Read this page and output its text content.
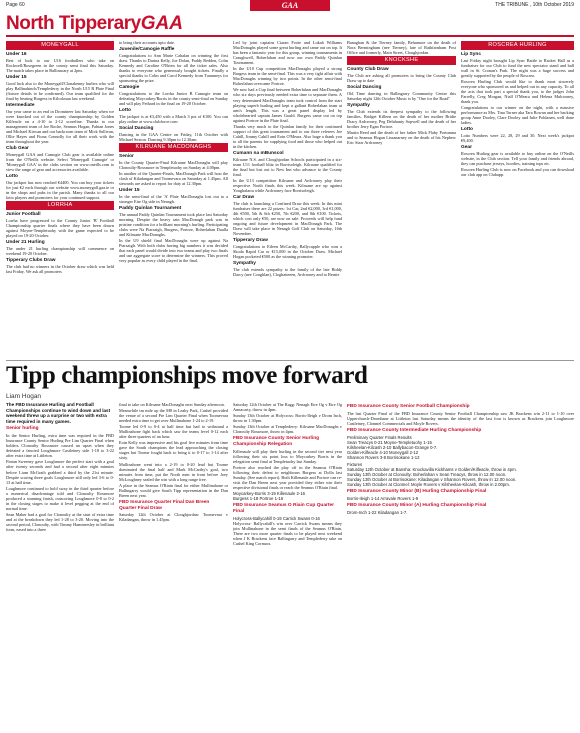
Page 60	GAA	THE TRIBUNE , 10th October 2019
North TipperaryGAA
MONEYGALL
Under 16
Best of luck to our U16 footballers who take on Rockwell/Rosegreen in the county semi final this Saturday. The match takes place in Ballinacary at 2pm.
Under 15
Good luck also to the Moneygall/Clonakenny hurlers who will play Ballinahinch/Templederry in the North U15 B Plate Final (fixture details to be confirmed). Our team qualified for the final by beating Burgess in Kilcolman last weekend.
Intermediate
Our year came to an end in Dromineer last Saturday when we were knocked out of the county championship by Golden Kilfeacle on a 4-10 to 2-12 scoreline. Thanks to our management team of Joe Roche, Seamus Hogan, Fabian Jones and Michael Kirwan and our backroom team of Mick Sullivan, Ollie Hayes and Fiona Connolly for all their work with the team throughout the year.
Club Gear
Moneygall GAA and Camogie Club gear is available online from the O'Neills website. Select 'Moneygall Camogie' or 'Moneygall GAA' in the clubs section on www.oneills.com to view the range of gear and accessories available.
Lotto
Our jackpot has now reached €4400. You can buy your tickets for just €2 each through our website www.moneygall.gaa.ie or in the shops and pubs in the parish. Many thanks to all our lotto players and promoters for your continued support.
LORRHA
Junior Football
Lorrha have progressed to the County Junior 'B' Football Championship quarter finals where they have been drawn against Moyne-Templetuohy with the game expected to be played on 19-20 October.
Under 21 Hurling
The under 21 hurling championship will commence on weekend 19-20 October.
Tipperary Clubs Draw
The club had no winners in the October draw which was held last Friday. We ask all promoters
to bring their accounts upto date.
Juvenile/Camogie Raffle
Congratulations to Ann Marie Cahalan on winning the first draw. Thanks to Darina Kelly, Joe Dolan, Paddy Redden, Colm Kennedy and Caroline O'Brien for all the ticket sales. Also thanks to everyone who generously bought tickets. Finally a special thanks to Colm and Carol Kennedy from Tuamneys for sponsoring the prize.
Camogie
Congratulations to the Lorrha Junior B Camogie team on defeating Moycarkey/Borris in the county semi-final on Sunday and will play Fethard in the final on 19-20 October.
Lotto
The jackpot is at €3,450 with a Match 3 pot of €100. You can play online at www.clubforce.com
Social Dancing
Dancing in the GAA Centre on Friday, 11th October with Michael Sexton. Dancing 9.30pm to 12.30am.
KILRUANE MACDONAGHS
Senior
In the County Quarter-Final Kilruane MacDonaghs will play Clonoulty-Rossmore in Templetuohy on Sunday at 4.00pm.
In another of the Quarter-Finals, MacDonagh Park will host the clash of Kiladangan and Toomevara on Saturday at 1.45pm. All stewards are asked to report for duty at 12.30pm.
Under 15
In the semi-final of the 'A' Plate MacDonaghs lost out to a stronger Eire Og side in Nenagh.
Paddy Quinlan Tournament
The annual Paddy Quinlan Tournament took place last Saturday morning. Despite the heavy rain MacDonagh park was in pristine condition for a brilliant morning's hurling. Participating clubs were Na Piarsaigh, Burgess, Portroe, Boherlahan Dualla and Kilruane MacDonaghs.
In the U9 shield final MacDonaghs were up against Na Piarsaigh. With both clubs having big numbers it was decided that each panel would divide into two teams and play two finals and use aggregate score to determine the winners. This proved very popular as every child played in the final.
Led by joint captains Ciaran Foote and Lukah Williams MacDonaghs played some great hurling and came out on top. It has been a fantastic year for this group, winning tournaments in Craughwell, Boherlahan and now our own Paddy Quinlan Tournament.
In the U10 Cup competition MacDonaghs played a strong Burgess team in the semi-final. This was a very tight affair with MacDonaghs winning by two points. In the other semi-final Boherlahan overcame Portroe.
We now had a Cup final between Boherlahan and MacDonaghs who six days previously needed extra time to separate them. A very determined MacDonaghs team took control from the start playing superb hurling and kept a gallant Boherlahan team at arm's length. This was a great panel display led by wholehearted captain James Gould. Burgess came out on top against Portroe in the Plate final.
Thanks very much to the Quinlan family for their continued support of this great tournament and to our three referees Joe Cahill, Jimmy Cahill and Eoin O'Meara. Also huge a thank you to all the parents for supplying food and those who helped out in the kitchen.
Cumann na mBunscol
Kilruane N.S. and Cloughjordan Schools participated in a six-team U11 football blitz in Borrisoleigh. Kilruane qualified for the final but lost out to New Inn who advance to the County final.
In the U13 competition Kilruane and Ardcroney play their respective North finals this week. Kilruane are up against Youghalarra while Ardcroney face Borrisoleigh.
Car Draw
The club is launching a Confined Draw this week. In this mini fundraiser there are 22 prizes: 1st Car, 2nd €2,000, 3rd €1,000, 4th €500, 5th & 6th €250, 7th €200, and 8th €100. Tickets, which cost only €50, are now on sale. Proceeds will help fund ongoing and future development in MacDonagh Park. The Draw will take place in Nenagh Golf Club on Saturday, 16th November.
Tipperary Draw
Congratulations to Eileen McCarthy, Ballycapple who won a Skoda Rapid Car or €15,000 in the October Draw. Michael Hogan pocketed €500 as the winning promoter.
Sympathy
The club extends sympathy to the family of the late Biddy Darcy (nee Coughlan), Cloghatteeen, Ardcroney and to Bernie
Banaghan & the Tierney family, Behamore on the death of Nora Bermingham (nee Tierney), late of Rathfarnham Post Office and formerly, Main Street, Cloughjordan.
KNOCKSHE
County Club Draw
The Club are asking all promoters to bring the County Club Draw up to date
Social Dancing
Old Time dancing in Ballingarry Community Centre this Saturday night 12th October Music is by "One for the Road"
Sympathy
The Club extends its deepest sympathy to the following families. Bridget Killeen on the death of her mother Bridie Dracy Ardcroney, Peg Delahunty Sopwell and the death of her brother Jerry Egan Portroe.
Martin Reed and the death of her father Mick Flaby Portumna and to Seamus Hogan Lissanarney on the death of his Nephew Eric Starr Ardcroney
ROSCREA HURLING
Lip Sync
Last Friday night brought Lip Sync Battle to Racket Hall as a fundraiser for our Club to fund the new spectator stand and ball wall in St. Cronan's Park. The night was a huge success and greatly supported by the people of Roscrea.
Roscrea Hurling Club would like to thank most sincerely everyone who sponsored us and helped out in any capacity. To all the acts that took part a special thank you, to the judges John Farrelly, Creg Morgan, Niall O'Meara and Helena Mulrooney, thank you.
Congratulations to our winner on the night, with a massive performance as Mrs. Tina Turner aka Tara Rowan and her backing group Anne Dooley, Clare Dooley and Julie Pohlanen, well done ladies.
Lotto
Lotto Numbers were 22, 28, 29 and 30. Next week's jackpot €9,400.
Gear
Roscrea Hurling gear is available to buy online on the O'Neills website, in the Club section. Tell your family and friends abroad, they can purchase jerseys, hoodies, training tops etc.
Roscrea Hurling Club is now on Facebook and you can download our club app on Clubapp.
Tipp championships move forward
Liam Hogan
The FBD Insurance Hurling and Football Championships continue to wind down and last weekend threw up a surprise or two with extra time required in many games.
Senior hurling
In the Senior Hurling, extra time was required in the FBD Insurance County Senior Hurling Pre Lim Quarter Final when holders Clonoulty Rossmore caused an upset when they defeated a fancied Loughmore Castleiney side 1-18 to 3-22 after extra time at Littleton.
Fintan Sweeney gave Loughmore the perfect start with a goal after twenty seconds and had a second after eight minutes before Liam McGrath grabbed a third by the 21st minute. Despite scoring three goals Loughmore still only led 3-6 to 0-13 at half time.
Loughmore continued to hold sway in the third quarter before a numerical disadvantage told and Clonoulty Rossmore produced a stunning finish, outscoring Loughmore 0-8 to 0-2 in the closing stages to make it level pegging at the end of normal time.
Sean Maher had a goal for Clonoulty at the start of extra time and at the breakdown they led 1-28 to 3-20. Moving into the second period, Clonoulty, with Timmy Hammersley in brilliant form, eased into a three
final to take on Kilruane MacDonaghs next Sunday afternoon.
Meanwhile tm mile up the M8 in Leahy Park, Cashel provided the venue of a second Pre Lim Quarter Final when Toomevara needed extra time to get over Mullinahone 1-24 to 2-19.
Toome led 0-9 to 0-4 at half time but had to withstand a Mullinahone fight back which saw the teams level 0-12 each after three quarters of an hour.
Eoin Kelly was impressive and his goal five minutes from time gave the South champions the lead approaching the closing stages but Toome fought back to bring it to 0-17 to 1-14 after sixty.
Mullinahone went into a 2-19 to 0-20 lead but Toome dominated the final half and Mark McCarthy's goal, two minutes from time, put the North men in front before Joey McLoughney sealed the win with a long range free.
A place in the Seamus O'Riain final for either Mullinahone or Ballingarry would give South Tipp representation in the Dan Breen next year.
FBD Insurance Quarter Final Dan Breen Quarter Final Draw
Saturday 12th October at Cloughjordan: Toomevara v Kiladangan, throw in 1.45pm.
Saturday 12th October at The Ragg: Nenagh Eire Og v Eire Og Annacarty, throw in 4pm.
Sunday 13th October at Holycross: Borris-Ileigh v Drom Inch, throw in 1.30pm.
Sunday 13th October at Templederry: Kilruane MacDonaghs v Clonoulty Rossmore, throw in 4pm.
FBD Insurance County Senior Hurling Championship Relegation
Killenaule will play their hurling in the second tier next year following their six point loss to Moycarkey Borris in the relegation semi final at Templetuohy last Sunday.
Portroe also reached the play off in the Seamus O'Riain following their defeat to neighbours Burgess at Dolla last Sunday. (See match report). Both Killenaule and Portroe can re-visit the Dan Breen next year provided they either win their respective divisional finals or reach the Seamus O'Riain final.
Moycarkey-Borris 3-19 Killenaule 2-16
Burgess 1-18 Portroe 1-16
FBD Insurance Seamus O Riain Cup Quarter Final
Holycross-Ballycahill 0-19 Carrick Swans 0-16
Holycross- Ballycahill's win over Carrick Swans means they join Mullinahone in the semi finals of the Seamus O'Riain. There are two more quarter finals to be played next weekend when J K Brackens face Ballingarry and Templederry take on Cashel King Cormacs.
FBD Insurance County Senior Football Championship
The last Quarter Final of the FBD Insurance County Senior Football Championship saw JK Brackens win 2-11 to 1-10 over Upperchurch-Drombane at Littleton last Saturday means the identity of the last four is known as Brackens join Loughmore Castleiney, Clonmel Commercials and Moyle Rovers.
FBD Insurance County Intermediate Hurling Championship
Preliminary Quarter Finals Results
Sean Treacys 0-21 Moyne-Templetuohy 1-15
Kilsheelan-Kilcash 2-10 Ballybacon-Grange 0-7.
Golden-Kilfeacle 4-10 Moneygall 2-12
Shannon Rovers 3-8 Borrisokane 1-12
Fixtures
Saturday 12th October at Bansha: Knockavilla Kickhams v Golden/Kilfeacle, throw in 4pm.
Sunday 13th October at Clonoulty: Boherlahan v Sean Treacys, throw in 12.00 noon.
Sunday 13th October at Borrisokane: Kiladangan v Shannon Rovers, throw in 12.00 noon.
Sunday 13th October at Clonmel: Moyle Rovers v Kilsheelan-Kilcash, throw in 2.00pm.
FBD Insurance County Minor (B) Hurling Championship Final
Borris-Ileigh 1-14 Arravale Rovers 1-9
FBD Insurance County Minor (A) Hurling Championship Final
Drom-Inch 1-22 Kiladangan 1-7.
